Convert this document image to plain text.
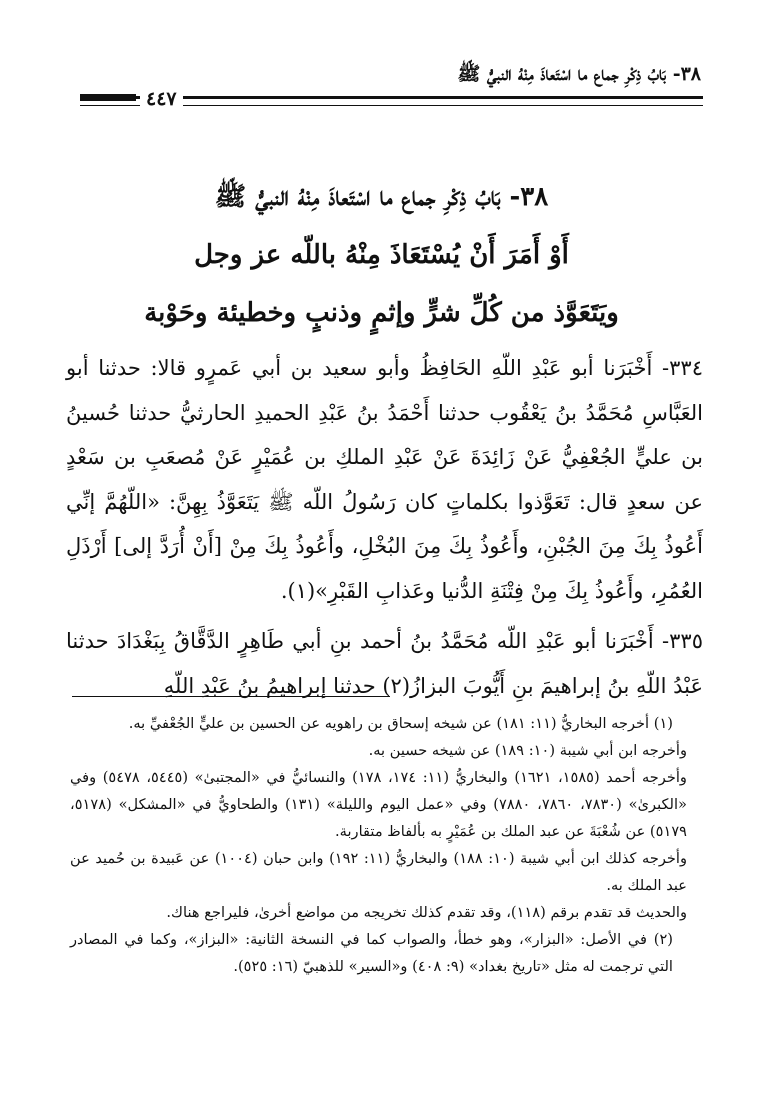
٣٨- بَابُ ذِكْرِ جماع ما اسْتَعاذَ مِنْهُ النبيُّ ﷺ
٤٤٧
٣٨- بَابُ ذِكْرِ جماع ما اسْتَعاذَ مِنْهُ النبيُّ ﷺ
أَوْ أَمَرَ أَنْ يُسْتَعَاذَ مِنْهُ باللّه عز وجل
ويَتَعَوَّذ من كُلِّ شرٍّ وإثمٍ وذنبٍ وخطيئة وحَوْبة

٣٣٤- أَخْبَرَنا أبو عَبْدِ اللّهِ الحَافِظُ وأبو سعيد بن أبي عَمرٍو قالا: حدثنا أبو العَبَّاسِ مُحَمَّدُ بنُ يَعْقُوب حدثنا أَحْمَدُ بنُ عَبْدِ الحميدِ الحارثيُّ حدثنا حُسينُ بن عليٍّ الجُعْفِيُّ عَنْ زَائِدَةَ عَنْ عَبْدِ الملكِ بن عُمَيْرٍ عَنْ مُصعَبِ بن سَعْدٍ عن سعدٍ قال: تَعَوَّذوا بكلماتٍ كان رَسُولُ اللّه ﷺ يَتَعَوَّذُ بِهِنَّ: «اللّهُمَّ إنِّي أَعُوذُ بِكَ مِنَ الجُبْنِ، وأَعُوذُ بِكَ مِنَ البُخْلِ، وأَعُوذُ بِكَ مِنْ [أَنْ أُرَدَّ إلى] أَرْذَلِ العُمُرِ، وأَعُوذُ بِكَ مِنْ فِتْنَةِ الدُّنيا وعَذابِ القَبْرِ»(١).

٣٣٥- أَخْبَرَنا أبو عَبْدِ اللّه مُحَمَّدُ بنُ أحمد بنِ أبي طَاهِرٍ الدَّقَّاقُ بِبَغْدَادَ حدثنا عَبْدُ اللّهِ بنُ إبراهيمَ بنِ أَيُّوبَ البزازُ(٢) حدثنا إبراهيمُ بنُ عَبْدِ اللّهِ

(١) أخرجه البخاريُّ (١١: ١٨١) عن شيخه إسحاق بن راهويه عن الحسين بن عليٍّ الجُعْفيِّ به.

وأخرجه ابن أبي شيبة (١٠: ١٨٩) عن شيخه حسين به.

وأخرجه أحمد (١٥٨٥، ١٦٢١) والبخاريُّ (١١: ١٧٤، ١٧٨) والنسائيُّ في «المجتبىٰ» (٥٤٤٥، ٥٤٧٨) وفي «الكبرىٰ» (٧٨٣٠، ٧٨٦٠، ٧٨٨٠) وفي «عمل اليوم والليلة» (١٣١) والطحاويُّ في «المشكل» (٥١٧٨، ٥١٧٩) عن شُعْبَةَ عن عبد الملك بن عُمَيْرٍ به بألفاظ متقاربة.

وأخرجه كذلك ابن أبي شيبة (١٠: ١٨٨) والبخاريُّ (١١: ١٩٢) وابن حبان (١٠٠٤) عن عَبيدة بن حُميد عن عبد الملك به.

والحديث قد تقدم برقم (١١٨)، وقد تقدم كذلك تخريجه من مواضع أخرىٰ، فليراجع هناك.

(٢) في الأصل: «البزار»، وهو خطأ، والصواب كما في النسخة الثانية: «البزاز»، وكما في المصادر التي ترجمت له مثل «تاريخ بغداد» (٩: ٤٠٨) و«السير» للذهبيّ (١٦: ٥٢٥).
